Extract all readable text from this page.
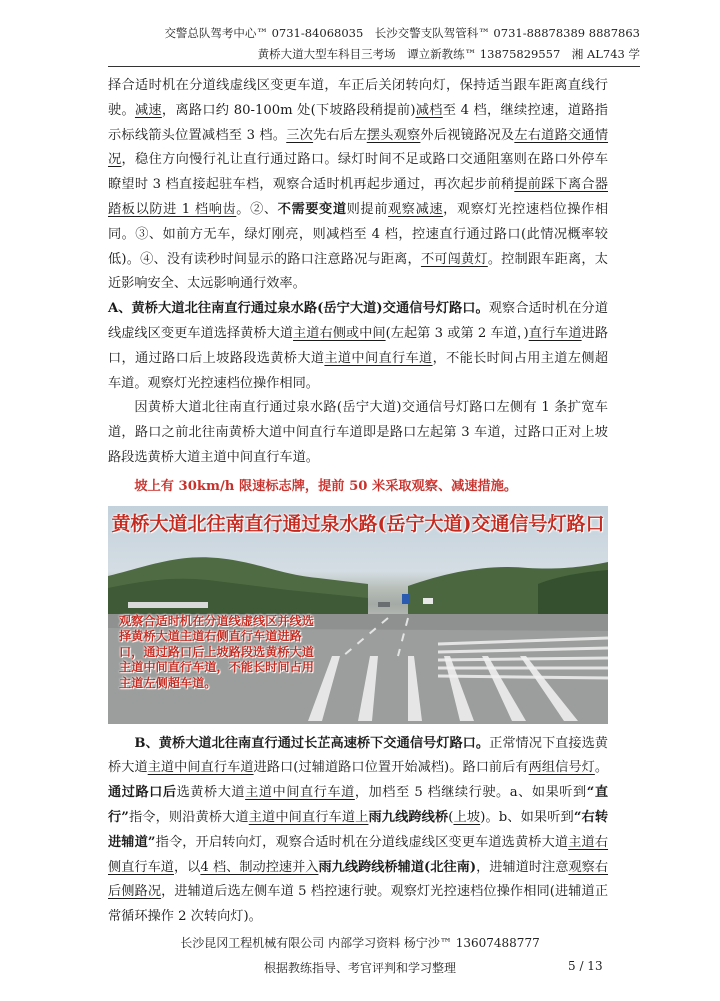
交警总队驾考中心™ 0731-84068035　长沙交警支队驾管科™ 0731-88878389 8887863
黄桥大道大型车科目三考场　谭立新教练™ 13875829557　湘 AL743 学

择合适时机在分道线虚线区变更车道，车正后关闭转向灯，保持适当跟车距离直线行驶。减速，离路口约 80-100m 处(下坡路段稍提前)减档至 4 档，继续控速，道路指示标线箭头位置减档至 3 档。三次先右后左摆头观察外后视镜路况及左右道路交通情况，稳住方向慢行礼让直行通过路口。绿灯时间不足或路口交通阻塞则在路口外停车瞭望时 3 档直接起驻车档，观察合适时机再起步通过，再次起步前稍提前踩下离合器踏板以防进 1 档响齿。②、不需要变道则提前观察减速，观察灯光控速档位操作相同。③、如前方无车，绿灯刚亮，则减档至 4 档，控速直行通过路口(此情况概率较低)。④、没有读秒时间显示的路口注意路况与距离，不可闯黄灯。控制跟车距离，太近影响安全、太远影响通行效率。

A、黄桥大道北往南直行通过泉水路(岳宁大道)交通信号灯路口。观察合适时机在分道线虚线区变更车道选择黄桥大道主道右侧或中间(左起第 3 或第 2 车道，)直行车道进路口，通过路口后上坡路段选黄桥大道主道中间直行车道，不能长时间占用主道左侧超车道。观察灯光控速档位操作相同。

因黄桥大道北往南直行通过泉水路(岳宁大道)交通信号灯路口左侧有 1 条扩宽车道，路口之前北往南黄桥大道中间直行车道即是路口左起第 3 车道，过路口正对上坡路段选黄桥大道主道中间直行车道。

坡上有 30km/h 限速标志牌，提前 50 米采取观察、减速措施。

黄桥大道北往南直行通过泉水路(岳宁大道)交通信号灯路口
观察合适时机在分道线虚线区并线选择黄桥大道主道右侧直行车道进路口，通过路口后上坡路段选黄桥大道主道中间直行车道，不能长时间占用主道左侧超车道。

B、黄桥大道北往南直行通过长芷高速桥下交通信号灯路口。正常情况下直接选黄桥大道主道中间直行车道进路口(过辅道路口位置开始减档)。路口前后有两组信号灯。通过路口后选黄桥大道主道中间直行车道，加档至 5 档继续行驶。a、如果听到“直行”指令，则沿黄桥大道主道中间直行车道上雨九线跨线桥(上坡)。b、如果听到“右转进辅道”指令，开启转向灯，观察合适时机在分道线虚线区变更车道选黄桥大道主道右侧直行车道，以4 档、制动控速并入雨九线跨线桥辅道(北往南)，进辅道时注意观察右后侧路况，进辅道后选左侧车道 5 档控速行驶。观察灯光控速档位操作相同(进辅道正常循环操作 2 次转向灯)。

长沙昆冈工程机械有限公司 内部学习资料 杨宁沙™ 13607488777
根据教练指导、考官评判和学习整理	5 / 13
